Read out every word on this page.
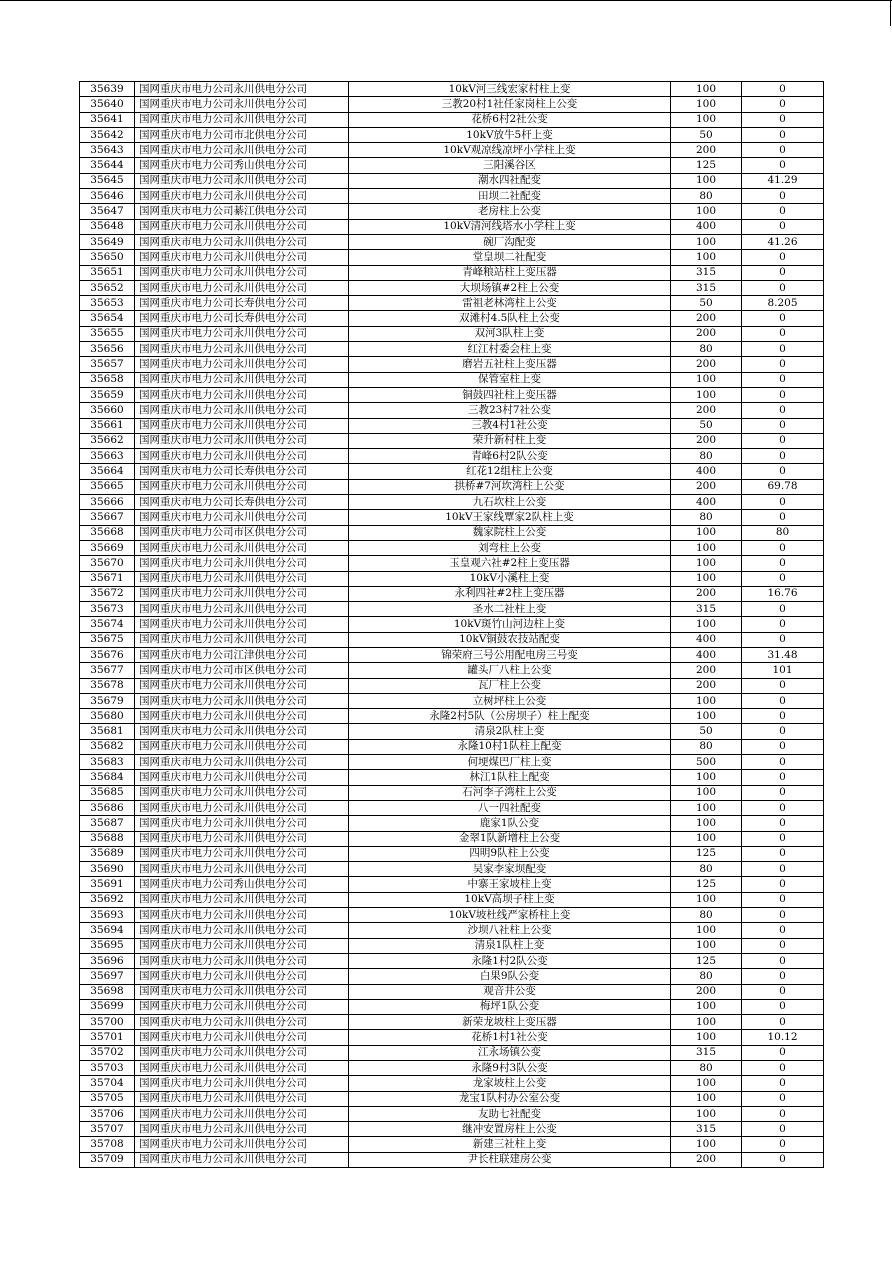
35639	国网重庆市电力公司永川供电分公司	10kV河三线宏家村柱上变	100	0
35640	国网重庆市电力公司永川供电分公司	三教20村1社任家岗柱上公变	100	0
35641	国网重庆市电力公司永川供电分公司	花桥6村2社公变	100	0
35642	国网重庆市电力公司市北供电分公司	10kV放牛5杆上变	50	0
35643	国网重庆市电力公司永川供电分公司	10kV观凉线凉坪小学柱上变	200	0
35644	国网重庆市电力公司秀山供电分公司	三阳溪谷区	125	0
35645	国网重庆市电力公司永川供电分公司	潮水四社配变	100	41.29
35646	国网重庆市电力公司永川供电分公司	田坝二社配变	80	0
35647	国网重庆市电力公司綦江供电分公司	老房柱上公变	100	0
35648	国网重庆市电力公司永川供电分公司	10kV清河线塔水小学柱上变	400	0
35649	国网重庆市电力公司永川供电分公司	碗厂沟配变	100	41.26
35650	国网重庆市电力公司永川供电分公司	堂皇坝二社配变	100	0
35651	国网重庆市电力公司永川供电分公司	青峰粮站柱上变压器	315	0
35652	国网重庆市电力公司永川供电分公司	大坝场镇#2柱上公变	315	0
35653	国网重庆市电力公司长寿供电分公司	雷祖老林湾柱上公变	50	8.205
35654	国网重庆市电力公司长寿供电分公司	双滩村4.5队柱上公变	200	0
35655	国网重庆市电力公司永川供电分公司	双河3队柱上变	200	0
35656	国网重庆市电力公司永川供电分公司	红江村委会柱上变	80	0
35657	国网重庆市电力公司永川供电分公司	磨岩五社柱上变压器	200	0
35658	国网重庆市电力公司永川供电分公司	保管室柱上变	100	0
35659	国网重庆市电力公司永川供电分公司	铜鼓四社柱上变压器	100	0
35660	国网重庆市电力公司永川供电分公司	三教23村7社公变	200	0
35661	国网重庆市电力公司永川供电分公司	三教4村1社公变	50	0
35662	国网重庆市电力公司永川供电分公司	荣升新村柱上变	200	0
35663	国网重庆市电力公司永川供电分公司	青峰6村2队公变	80	0
35664	国网重庆市电力公司长寿供电分公司	红花12组柱上公变	400	0
35665	国网重庆市电力公司永川供电分公司	拱桥#7河坎湾柱上公变	200	69.78
35666	国网重庆市电力公司长寿供电分公司	九石坎柱上公变	400	0
35667	国网重庆市电力公司永川供电分公司	10kV王家线覃家2队柱上变	80	0
35668	国网重庆市电力公司市区供电分公司	魏家院柱上公变	100	80
35669	国网重庆市电力公司永川供电分公司	刘弯柱上公变	100	0
35670	国网重庆市电力公司永川供电分公司	玉皇观六社#2柱上变压器	100	0
35671	国网重庆市电力公司永川供电分公司	10kV小溪柱上变	100	0
35672	国网重庆市电力公司永川供电分公司	永利四社#2柱上变压器	200	16.76
35673	国网重庆市电力公司永川供电分公司	圣水二社柱上变	315	0
35674	国网重庆市电力公司永川供电分公司	10kV斑竹山河边柱上变	100	0
35675	国网重庆市电力公司永川供电分公司	10kV铜鼓农技站配变	400	0
35676	国网重庆市电力公司江津供电分公司	锦荣府三号公用配电房三号变	400	31.48
35677	国网重庆市电力公司市区供电分公司	罐头厂八柱上公变	200	101
35678	国网重庆市电力公司永川供电分公司	瓦厂柱上公变	200	0
35679	国网重庆市电力公司永川供电分公司	立树坪柱上公变	100	0
35680	国网重庆市电力公司永川供电分公司	永隆2村5队（公房坝子）柱上配变	100	0
35681	国网重庆市电力公司永川供电分公司	清泉2队柱上变	50	0
35682	国网重庆市电力公司永川供电分公司	永隆10村1队柱上配变	80	0
35683	国网重庆市电力公司永川供电分公司	何埂煤巴厂柱上变	500	0
35684	国网重庆市电力公司永川供电分公司	林江1队柱上配变	100	0
35685	国网重庆市电力公司永川供电分公司	石河李子湾柱上公变	100	0
35686	国网重庆市电力公司永川供电分公司	八一四社配变	100	0
35687	国网重庆市电力公司永川供电分公司	鹿家1队公变	100	0
35688	国网重庆市电力公司永川供电分公司	金翠1队新增柱上公变	100	0
35689	国网重庆市电力公司永川供电分公司	四明9队柱上公变	125	0
35690	国网重庆市电力公司永川供电分公司	吴家李家坝配变	80	0
35691	国网重庆市电力公司秀山供电分公司	中寨王家坡柱上变	125	0
35692	国网重庆市电力公司永川供电分公司	10kV高坝子柱上变	100	0
35693	国网重庆市电力公司永川供电分公司	10kV坡杜线严家桥柱上变	80	0
35694	国网重庆市电力公司永川供电分公司	沙坝八社柱上公变	100	0
35695	国网重庆市电力公司永川供电分公司	清泉1队柱上变	100	0
35696	国网重庆市电力公司永川供电分公司	永隆1村2队公变	125	0
35697	国网重庆市电力公司永川供电分公司	白果9队公变	80	0
35698	国网重庆市电力公司永川供电分公司	观音井公变	200	0
35699	国网重庆市电力公司永川供电分公司	梅坪1队公变	100	0
35700	国网重庆市电力公司永川供电分公司	新荣龙坡柱上变压器	100	0
35701	国网重庆市电力公司永川供电分公司	花桥1村1社公变	100	10.12
35702	国网重庆市电力公司永川供电分公司	江永场镇公变	315	0
35703	国网重庆市电力公司永川供电分公司	永隆9村3队公变	80	0
35704	国网重庆市电力公司永川供电分公司	龙家坡柱上公变	100	0
35705	国网重庆市电力公司永川供电分公司	龙宝1队村办公室公变	100	0
35706	国网重庆市电力公司永川供电分公司	友助七社配变	100	0
35707	国网重庆市电力公司永川供电分公司	继冲安置房柱上公变	315	0
35708	国网重庆市电力公司永川供电分公司	新建三社柱上变	100	0
35709	国网重庆市电力公司永川供电分公司	尹长柱联建房公变	200	0
